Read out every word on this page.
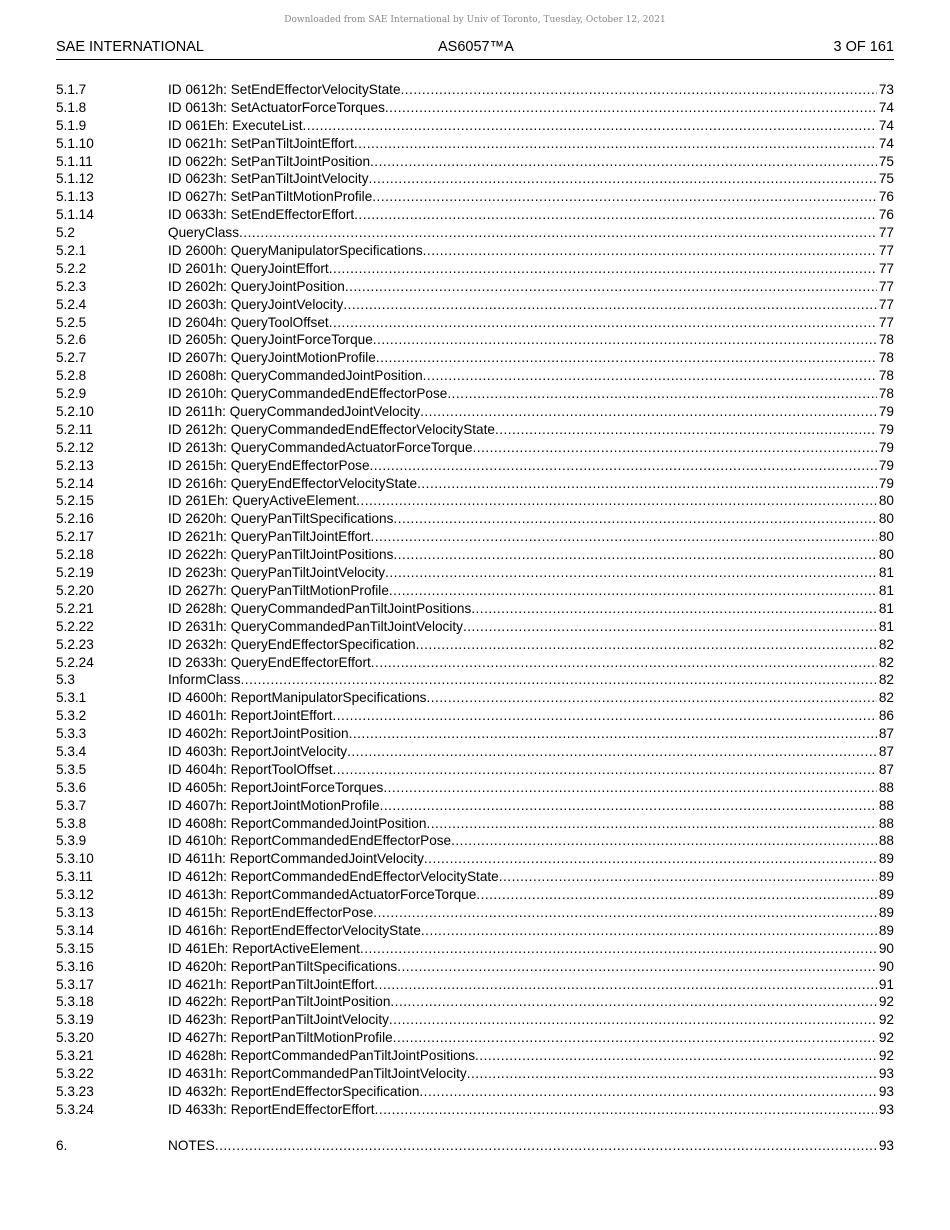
Downloaded from SAE International by Univ of Toronto, Tuesday, October 12, 2021
SAE INTERNATIONAL	AS6057™A	3 OF 161
5.1.7	ID 0612h: SetEndEffectorVelocityState .....	73
5.1.8	ID 0613h: SetActuatorForceTorques .....	74
5.1.9	ID 061Eh: ExecuteList .....	74
5.1.10	ID 0621h: SetPanTiltJointEffort .....	74
5.1.11	ID 0622h: SetPanTiltJointPosition .....	75
5.1.12	ID 0623h: SetPanTiltJointVelocity .....	75
5.1.13	ID 0627h: SetPanTiltMotionProfile .....	76
5.1.14	ID 0633h: SetEndEffectorEffort .....	76
5.2	QueryClass .....	77
5.2.1	ID 2600h: QueryManipulatorSpecifications .....	77
5.2.2	ID 2601h: QueryJointEffort .....	77
5.2.3	ID 2602h: QueryJointPosition .....	77
5.2.4	ID 2603h: QueryJointVelocity .....	77
5.2.5	ID 2604h: QueryToolOffset .....	77
5.2.6	ID 2605h: QueryJointForceTorque .....	78
5.2.7	ID 2607h: QueryJointMotionProfile .....	78
5.2.8	ID 2608h: QueryCommandedJointPosition .....	78
5.2.9	ID 2610h: QueryCommandedEndEffectorPose .....	78
5.2.10	ID 2611h: QueryCommandedJointVelocity .....	79
5.2.11	ID 2612h: QueryCommandedEndEffectorVelocityState .....	79
5.2.12	ID 2613h: QueryCommandedActuatorForceTorque .....	79
5.2.13	ID 2615h: QueryEndEffectorPose .....	79
5.2.14	ID 2616h: QueryEndEffectorVelocityState .....	79
5.2.15	ID 261Eh: QueryActiveElement .....	80
5.2.16	ID 2620h: QueryPanTiltSpecifications .....	80
5.2.17	ID 2621h: QueryPanTiltJointEffort .....	80
5.2.18	ID 2622h: QueryPanTiltJointPositions .....	80
5.2.19	ID 2623h: QueryPanTiltJointVelocity .....	81
5.2.20	ID 2627h: QueryPanTiltMotionProfile .....	81
5.2.21	ID 2628h: QueryCommandedPanTiltJointPositions .....	81
5.2.22	ID 2631h: QueryCommandedPanTiltJointVelocity .....	81
5.2.23	ID 2632h: QueryEndEffectorSpecification .....	82
5.2.24	ID 2633h: QueryEndEffectorEffort .....	82
5.3	InformClass .....	82
5.3.1	ID 4600h: ReportManipulatorSpecifications .....	82
5.3.2	ID 4601h: ReportJointEffort .....	86
5.3.3	ID 4602h: ReportJointPosition .....	87
5.3.4	ID 4603h: ReportJointVelocity .....	87
5.3.5	ID 4604h: ReportToolOffset .....	87
5.3.6	ID 4605h: ReportJointForceTorques .....	88
5.3.7	ID 4607h: ReportJointMotionProfile .....	88
5.3.8	ID 4608h: ReportCommandedJointPosition .....	88
5.3.9	ID 4610h: ReportCommandedEndEffectorPose .....	88
5.3.10	ID 4611h: ReportCommandedJointVelocity .....	89
5.3.11	ID 4612h: ReportCommandedEndEffectorVelocityState .....	89
5.3.12	ID 4613h: ReportCommandedActuatorForceTorque .....	89
5.3.13	ID 4615h: ReportEndEffectorPose .....	89
5.3.14	ID 4616h: ReportEndEffectorVelocityState .....	89
5.3.15	ID 461Eh: ReportActiveElement .....	90
5.3.16	ID 4620h: ReportPanTiltSpecifications .....	90
5.3.17	ID 4621h: ReportPanTiltJointEffort .....	91
5.3.18	ID 4622h: ReportPanTiltJointPosition .....	92
5.3.19	ID 4623h: ReportPanTiltJointVelocity .....	92
5.3.20	ID 4627h: ReportPanTiltMotionProfile .....	92
5.3.21	ID 4628h: ReportCommandedPanTiltJointPositions .....	92
5.3.22	ID 4631h: ReportCommandedPanTiltJointVelocity .....	93
5.3.23	ID 4632h: ReportEndEffectorSpecification .....	93
5.3.24	ID 4633h: ReportEndEffectorEffort .....	93
6.	NOTES .....	93
